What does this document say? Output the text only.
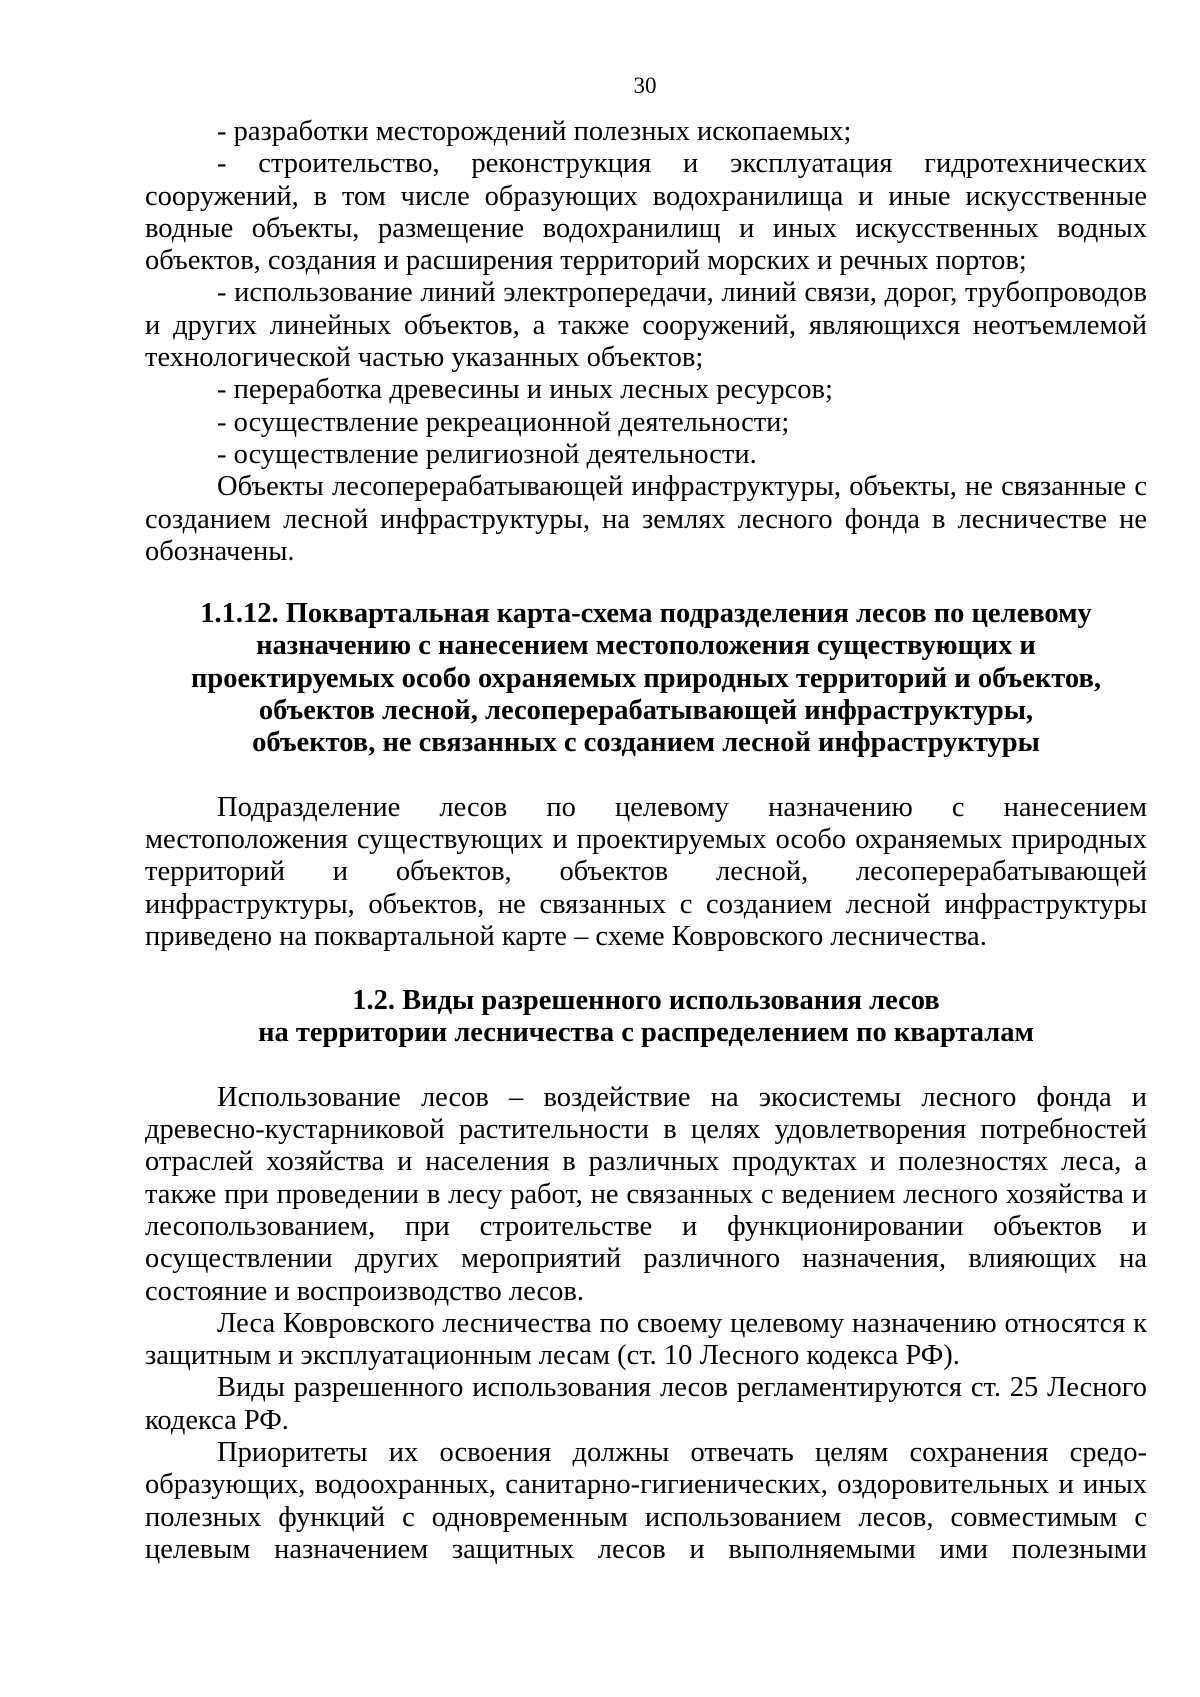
30

- разработки месторождений полезных ископаемых;

- строительство, реконструкция и эксплуатация гидротехнических сооружений, в том числе образующих водохранилища и иные искусственные водные объекты, размещение водохранилищ и иных искусственных водных объектов, создания и расширения территорий морских и речных портов;

- использование линий электропередачи, линий связи, дорог, трубопроводов и других линейных объектов, а также сооружений, являющихся неотъемлемой технологической частью указанных объектов;

- переработка древесины и иных лесных ресурсов;

- осуществление рекреационной деятельности;

- осуществление религиозной деятельности.

Объекты лесоперерабатывающей инфраструктуры, объекты, не связанные с созданием лесной инфраструктуры, на землях лесного фонда в лесничестве не обозначены.

1.1.12. Поквартальная карта-схема подразделения лесов по целевому
назначению с нанесением местоположения существующих и
проектируемых особо охраняемых природных территорий и объектов,
объектов лесной, лесоперерабатывающей инфраструктуры,
объектов, не связанных с созданием лесной инфраструктуры

Подразделение лесов по целевому назначению с нанесением местоположения существующих и проектируемых особо охраняемых природных территорий и объектов, объектов лесной, лесоперерабатывающей инфраструктуры, объектов, не связанных с созданием лесной инфраструктуры приведено на поквартальной карте – схеме Ковровского лесничества.

1.2. Виды разрешенного использования лесов
на территории лесничества с распределением по кварталам

Использование лесов – воздействие на экосистемы лесного фонда и древесно-кустарниковой растительности в целях удовлетворения потребностей отраслей хозяйства и населения в различных продуктах и полезностях леса, а также при проведении в лесу работ, не связанных с ведением лесного хозяйства и лесопользованием, при строительстве и функционировании объектов и осуществлении других мероприятий различного назначения, влияющих на состояние и воспроизводство лесов.

Леса Ковровского лесничества по своему целевому назначению относятся к защитным и эксплуатационным лесам (ст. 10 Лесного кодекса РФ).

Виды разрешенного использования лесов регламентируются ст. 25 Лесного кодекса РФ.

Приоритеты их освоения должны отвечать целям сохранения средо-образующих, водоохранных, санитарно-гигиенических, оздоровительных и иных полезных функций с одновременным использованием лесов, совместимым с целевым назначением защитных лесов и выполняемыми ими полезными
